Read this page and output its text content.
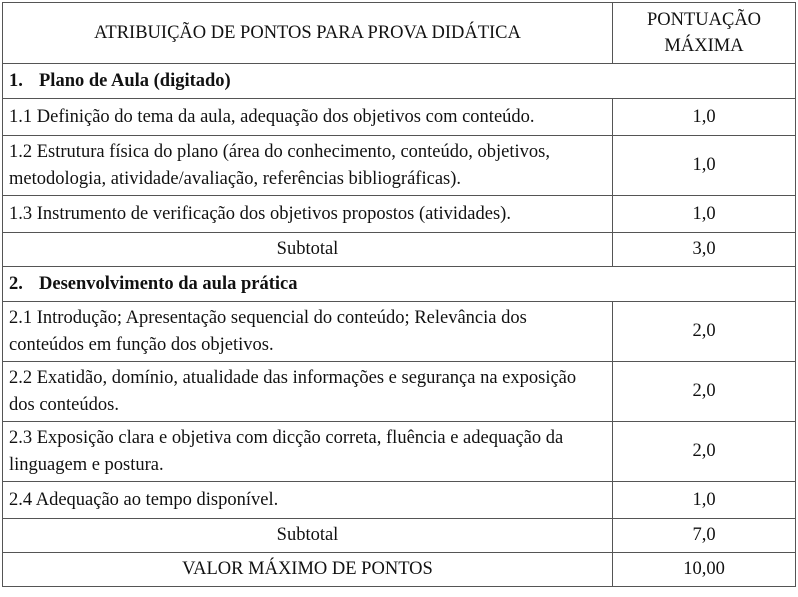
ATRIBUIÇÃO DE PONTOS PARA PROVA DIDÁTICA	PONTUAÇÃO
MÁXIMA

1. Plano de Aula (digitado)	
1.1 Definição do tema da aula, adequação dos objetivos com conteúdo.	1,0
1.2 Estrutura física do plano (área do conhecimento, conteúdo, objetivos, metodologia, atividade/avaliação, referências bibliográficas).	1,0
1.3 Instrumento de verificação dos objetivos propostos (atividades).	1,0
Subtotal	3,0
2. Desenvolvimento da aula prática	
2.1 Introdução; Apresentação sequencial do conteúdo; Relevância dos conteúdos em função dos objetivos.	2,0
2.2 Exatidão, domínio, atualidade das informações e segurança na exposição dos conteúdos.	2,0
2.3 Exposição clara e objetiva com dicção correta, fluência e adequação da linguagem e postura.	2,0
2.4 Adequação ao tempo disponível.	1,0
Subtotal	7,0
VALOR MÁXIMO DE PONTOS	10,00
